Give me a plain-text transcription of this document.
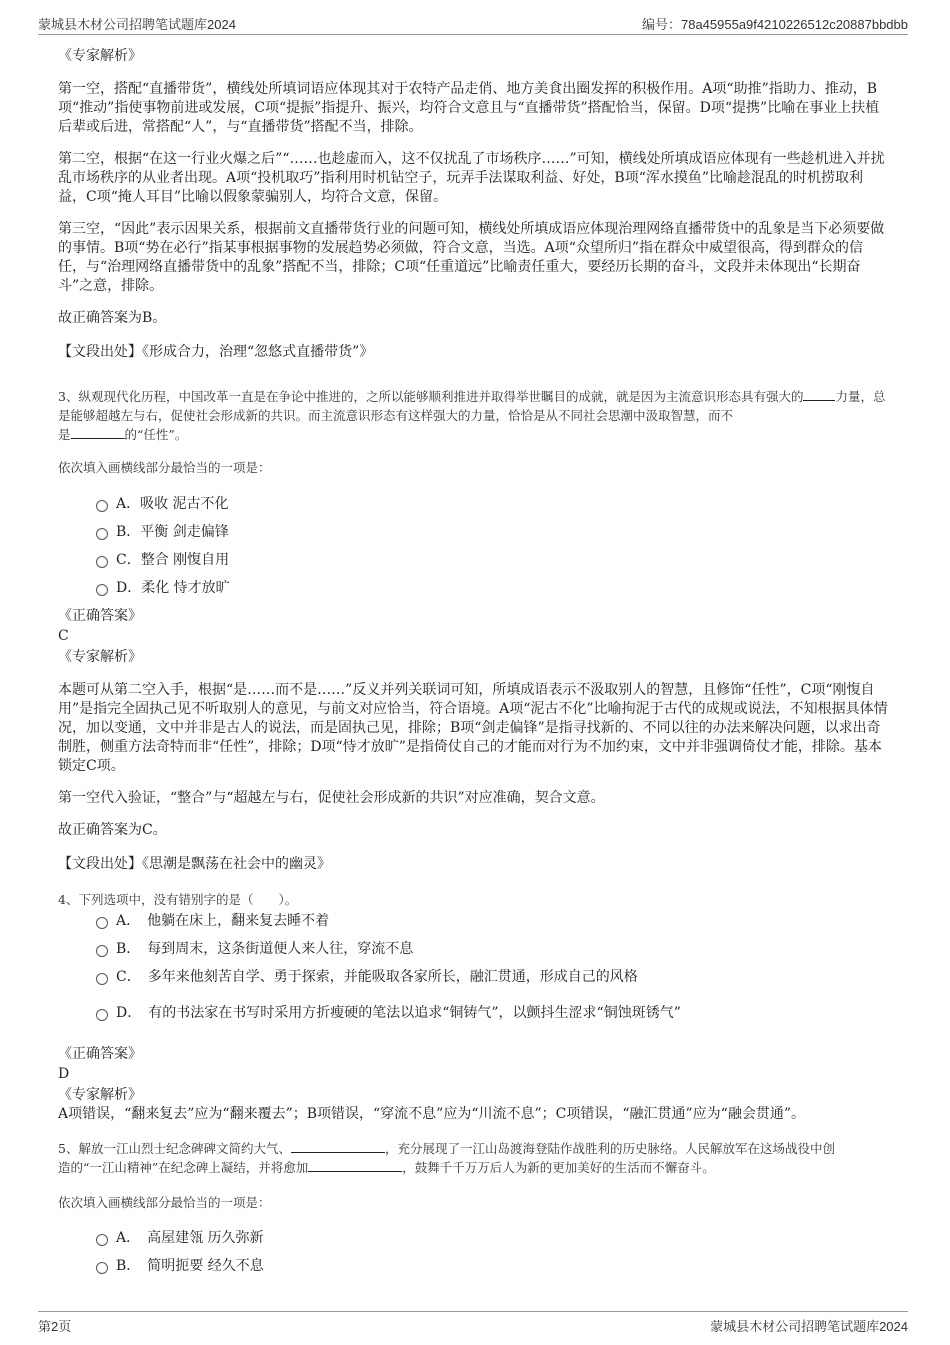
蒙城县木材公司招聘笔试题库2024	编号：78a45955a9f4210226512c20887bbdbb
《专家解析》
第一空，搭配“直播带货”，横线处所填词语应体现其对于农特产品走俏、地方美食出圈发挥的积极作用。A项“助推”指助力、推动，B项“推动”指使事物前进或发展，C项“提振”指提升、振兴，均符合文意且与“直播带货”搭配恰当，保留。D项“提携”比喻在事业上扶植后辈或后进，常搭配“人”，与“直播带货”搭配不当，排除。
第二空，根据“在这一行业火爆之后”“……也趁虚而入，这不仅扰乱了市场秩序……”可知，横线处所填成语应体现有一些趁机进入并扰乱市场秩序的从业者出现。A项“投机取巧”指利用时机钻空子，玩弄手法谋取利益、好处，B项“浑水摸鱼”比喻趁混乱的时机捞取利益，C项“掩人耳目”比喻以假象蒙骗别人，均符合文意，保留。
第三空，“因此”表示因果关系，根据前文直播带货行业的问题可知，横线处所填成语应体现治理网络直播带货中的乱象是当下必须要做的事情。B项“势在必行”指某事根据事物的发展趋势必须做，符合文意，当选。A项“众望所归”指在群众中威望很高，得到群众的信任，与“治理网络直播带货中的乱象”搭配不当，排除；C项“任重道远”比喻责任重大，要经历长期的奋斗，文段并未体现出“长期奋斗”之意，排除。
故正确答案为B。
【文段出处】《形成合力，治理“忽悠式直播带货”》
3、纵观现代化历程，中国改革一直是在争论中推进的，之所以能够顺利推进并取得举世瞩目的成就，就是因为主流意识形态具有强大的	力量，总是能够超越左与右，促使社会形成新的共识。而主流意识形态有这样强大的力量，恰恰是从不同社会思潮中汲取智慧，而不
是	的“任性”。
依次填入画横线部分最恰当的一项是：
A．吸收 泥古不化
B．平衡 剑走偏锋
C．整合 刚愎自用
D．柔化 恃才放旷
《正确答案》
C
《专家解析》
本题可从第二空入手，根据“是……而不是……”反义并列关联词可知，所填成语表示不汲取别人的智慧，且修饰“任性”，C项“刚愎自用”是指完全固执己见不听取别人的意见，与前文对应恰当，符合语境。A项“泥古不化”比喻拘泥于古代的成规或说法，不知根据具体情况，加以变通，文中并非是古人的说法，而是固执己见，排除；B项“剑走偏锋”是指寻找新的、不同以往的办法来解决问题，以求出奇制胜，侧重方法奇特而非“任性”，排除；D项“恃才放旷”是指倚仗自己的才能而对行为不加约束，文中并非强调倚仗才能，排除。基本锁定C项。
第一空代入验证，“整合”与“超越左与右，促使社会形成新的共识”对应准确，契合文意。
故正确答案为C。
【文段出处】《思潮是飘荡在社会中的幽灵》
4、下列选项中，没有错别字的是（　　）。
A．　他躺在床上，翻来复去睡不着
B．　每到周末，这条街道便人来人往，穿流不息
C．　多年来他刻苦自学、勇于探索，并能吸取各家所长，融汇贯通，形成自己的风格
D．　有的书法家在书写时采用方折瘦硬的笔法以追求“铜铸气”，以颤抖生涩求“铜蚀斑锈气”
《正确答案》
D
《专家解析》
A项错误，“翻来复去”应为“翻来覆去”；B项错误，“穿流不息”应为“川流不息”；C项错误，“融汇贯通”应为“融会贯通”。
5、解放一江山烈士纪念碑碑文简约大气、	，充分展现了一江山岛渡海登陆作战胜利的历史脉络。人民解放军在这场战役中创
造的“一江山精神”在纪念碑上凝结，并将愈加	，鼓舞千千万万后人为新的更加美好的生活而不懈奋斗。
依次填入画横线部分最恰当的一项是：
A．　高屋建瓴 历久弥新
B．　简明扼要 经久不息
第2页	蒙城县木材公司招聘笔试题库2024
